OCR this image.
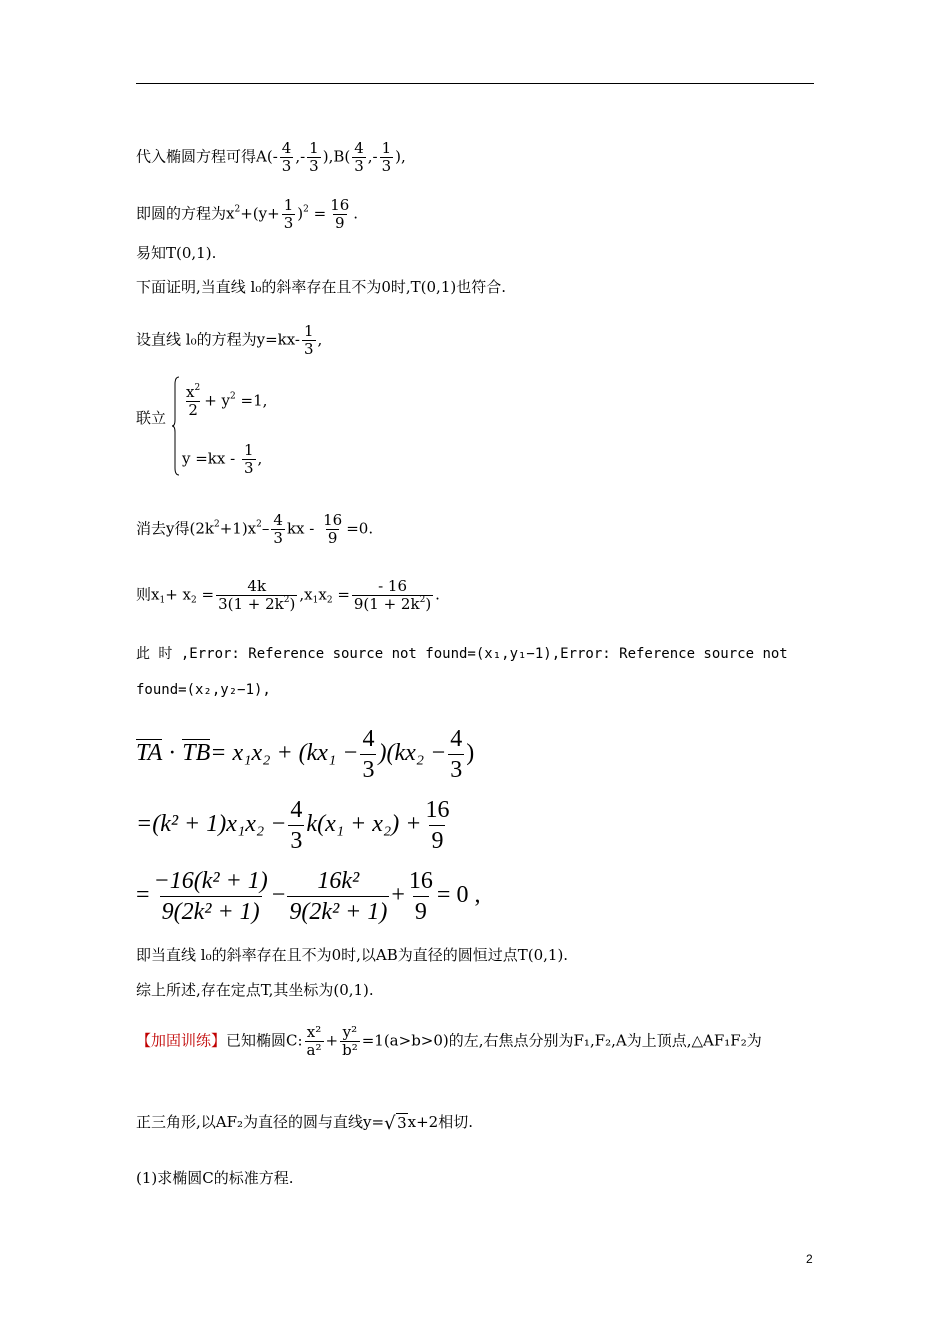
代入椭圆方程可得$A(- \frac{4}{3}$ ,- $\frac{1}{3} ),B( \frac{4}{3}$ ,- $\frac{1}{3}$ ),
即圆的方程为$x^2+(y+ \frac{1}{3} )^2 = \frac{16}{9}$ .
易知T(0,1).
下面证明,当直线 l₀的斜率存在且不为0时,T(0,1)也符合.
设直线 l₀的方程为$y=kx- \frac{1}{3}$ ,
联立 $\frac{x^2}{2} + y^2 =1$,
$y =kx - \frac{1}{3}$ ,
消去y得$(2k^2+1)x^2- \frac{4}{3}$ kx - $\frac{16}{9} =0$.
则$x_1+ x_2 = \frac{4k}{3(1 + 2k^2)} ,x_1x_2 = \frac{- 16}{9(1 + 2k^2)}$ .
此 时 ,Error: Reference source not found=(x₁,y₁−1),Error: Reference source not
found=(x₂,y₂−1),
TA · $TB= x_1x_2 + (kx_1 - \frac{4}{3} )(kx_2 - \frac{4}{3}$ )
$=(k^2 + 1)x_1x_2 - \frac{4}{3} k(x_1 + x_2) + \frac{16}{9}$
= $\frac{\text{−16(k² + 1)}}{\text{9(2k² + 1)}} - \frac{\text{16k²}}{\text{9(2k² + 1)}} + \frac{16}{9} = 0$ ,
即当直线 l₀的斜率存在且不为0时,以AB为直径的圆恒过点T(0,1).
综上所述,存在定点T,其坐标为(0,1).
【加固训练】已知椭圆C: $\frac{\text{x²}}{\text{a²}} + \frac{\text{y²}}{\text{b²}} =1(a>b>0)$的左,右焦点分别为F₁,F₂,A为上顶点,△AF₁F₂为
正三角形,以AF₂为直径的圆与直线y= √ 3x+2相切.
(1)求椭圆C的标准方程.
2
